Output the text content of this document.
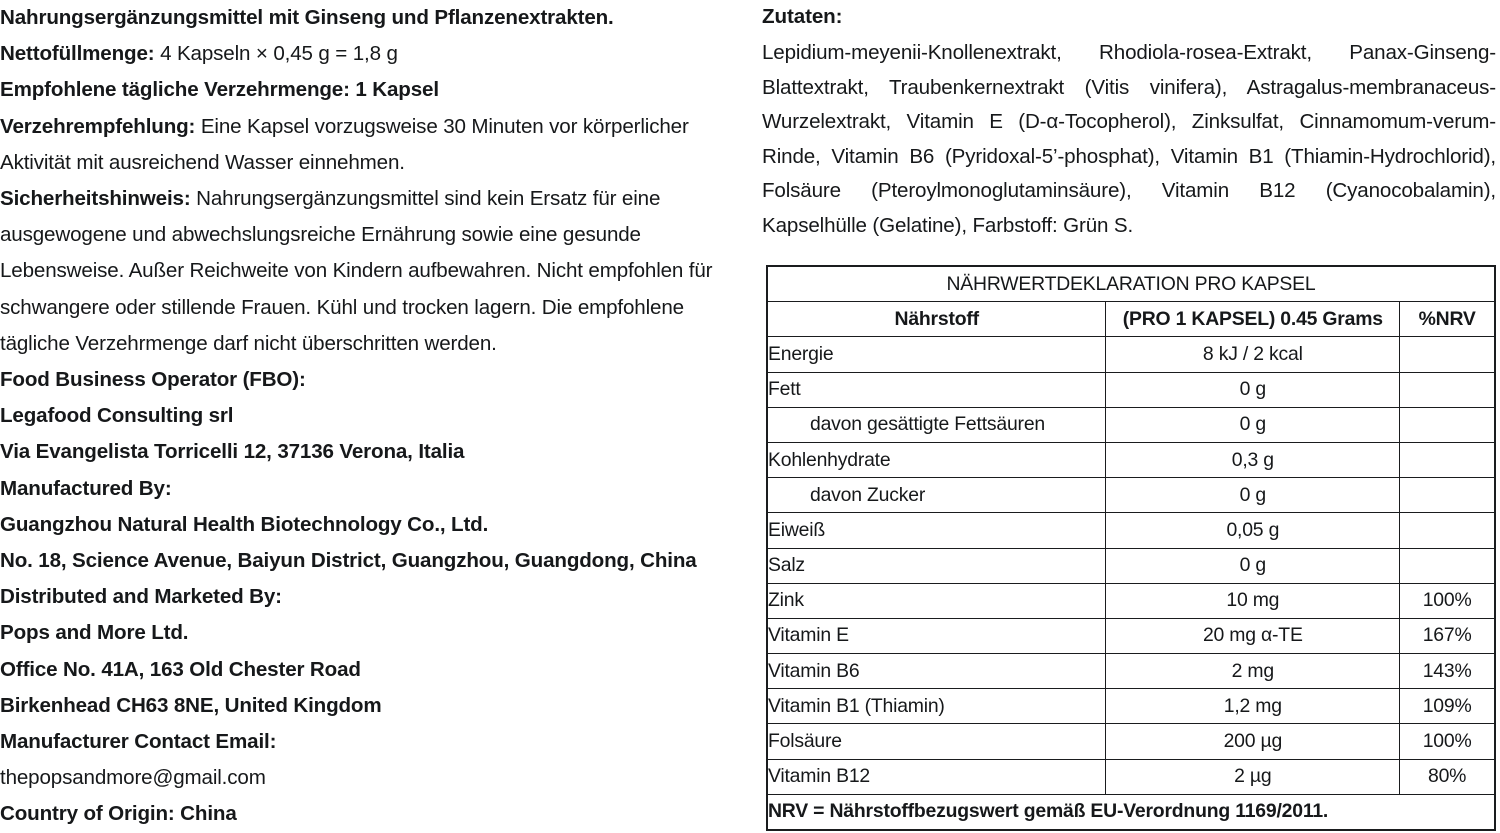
Nahrungsergänzungsmittel mit Ginseng und Pflanzenextrakten.

Nettofüllmenge: 4 Kapseln × 0,45 g = 1,8 g

Empfohlene tägliche Verzehrmenge: 1 Kapsel

Verzehrempfehlung: Eine Kapsel vorzugsweise 30 Minuten vor körperlicher Aktivität mit ausreichend Wasser einnehmen.

Sicherheitshinweis: Nahrungsergänzungsmittel sind kein Ersatz für eine ausgewogene und abwechslungsreiche Ernährung sowie eine gesunde Lebensweise. Außer Reichweite von Kindern aufbewahren. Nicht empfohlen für schwangere oder stillende Frauen. Kühl und trocken lagern. Die empfohlene tägliche Verzehrmenge darf nicht überschritten werden.

Food Business Operator (FBO):
Legafood Consulting srl
Via Evangelista Torricelli 12, 37136 Verona, Italia
Manufactured By:
Guangzhou Natural Health Biotechnology Co., Ltd.
No. 18, Science Avenue, Baiyun District, Guangzhou, Guangdong, China
Distributed and Marketed By:
Pops and More Ltd.
Office No. 41A, 163 Old Chester Road
Birkenhead CH63 8NE, United Kingdom
Manufacturer Contact Email:
thepopsandmore@gmail.com
Country of Origin: China
Zutaten:
Lepidium-meyenii-Knollenextrakt, Rhodiola-rosea-Extrakt, Panax-Ginseng-Blattextrakt, Traubenkernextrakt (Vitis vinifera), Astragalus-membranaceus-Wurzelextrakt, Vitamin E (D-α-Tocopherol), Zinksulfat, Cinnamomum-verum-Rinde, Vitamin B6 (Pyridoxal-5’-phosphat), Vitamin B1 (Thiamin-Hydrochlorid), Folsäure (Pteroylmonoglutaminsäure), Vitamin B12 (Cyanocobalamin), Kapselhülle (Gelatine), Farbstoff: Grün S.
NÄHRWERTDEKLARATION PRO KAPSEL		
Nährstoff	(PRO 1 KAPSEL) 0.45 Grams	%NRV
Energie	8 kJ / 2 kcal	
Fett	0 g	
davon gesättigte Fettsäuren	0 g	
Kohlenhydrate	0,3 g	
davon Zucker	0 g	
Eiweiß	0,05 g	
Salz	0 g	
Zink	10 mg	100%
Vitamin E	20 mg α-TE	167%
Vitamin B6	2 mg	143%
Vitamin B1 (Thiamin)	1,2 mg	109%
Folsäure	200 µg	100%
Vitamin B12	2 µg	80%
NRV = Nährstoffbezugswert gemäß EU-Verordnung 1169/2011.		
